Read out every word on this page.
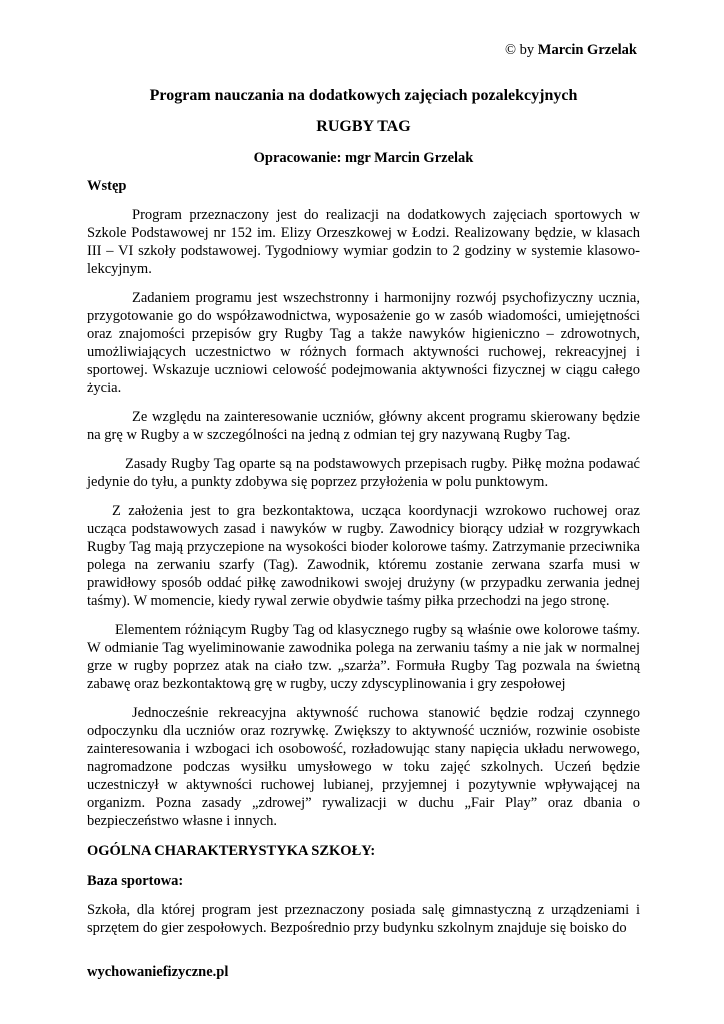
© by Marcin Grzelak
Program nauczania na dodatkowych zajęciach pozalekcyjnych
RUGBY TAG
Opracowanie: mgr Marcin Grzelak
Wstęp

Program przeznaczony jest do realizacji na dodatkowych zajęciach sportowych w Szkole Podstawowej nr 152 im. Elizy Orzeszkowej w Łodzi. Realizowany będzie, w klasach III – VI szkoły podstawowej. Tygodniowy wymiar godzin to 2 godziny w systemie klasowo-lekcyjnym.

Zadaniem programu jest wszechstronny i harmonijny rozwój psychofizyczny ucznia, przygotowanie go do współzawodnictwa, wyposażenie go w zasób wiadomości, umiejętności oraz znajomości przepisów gry Rugby Tag a także nawyków higieniczno – zdrowotnych, umożliwiających uczestnictwo w różnych formach aktywności ruchowej, rekreacyjnej i sportowej. Wskazuje uczniowi celowość podejmowania aktywności fizycznej w ciągu całego życia.

Ze względu na zainteresowanie uczniów, główny akcent programu skierowany będzie na grę w Rugby a w szczególności na jedną z odmian tej gry nazywaną Rugby Tag.

Zasady Rugby Tag oparte są na podstawowych przepisach rugby. Piłkę można podawać jedynie do tyłu, a punkty zdobywa się poprzez przyłożenia w polu punktowym.

Z założenia jest to gra bezkontaktowa, ucząca koordynacji wzrokowo ruchowej oraz ucząca podstawowych zasad i nawyków w rugby. Zawodnicy biorący udział w rozgrywkach Rugby Tag mają przyczepione na wysokości bioder kolorowe taśmy. Zatrzymanie przeciwnika polega na zerwaniu szarfy (Tag). Zawodnik, któremu zostanie zerwana szarfa musi w prawidłowy sposób oddać piłkę zawodnikowi swojej drużyny (w przypadku zerwania jednej taśmy). W momencie, kiedy rywal zerwie obydwie taśmy piłka przechodzi na jego stronę.

Elementem różniącym Rugby Tag od klasycznego rugby są właśnie owe kolorowe taśmy. W odmianie Tag wyeliminowanie zawodnika polega na zerwaniu taśmy a nie jak w normalnej grze w rugby poprzez atak na ciało tzw. „szarża”. Formuła Rugby Tag pozwala na świetną zabawę oraz bezkontaktową grę w rugby, uczy zdyscyplinowania i gry zespołowej

Jednocześnie rekreacyjna aktywność ruchowa stanowić będzie rodzaj czynnego odpoczynku dla uczniów oraz rozrywkę. Zwiększy to aktywność uczniów, rozwinie osobiste zainteresowania i wzbogaci ich osobowość, rozładowując stany napięcia układu nerwowego, nagromadzone podczas wysiłku umysłowego w toku zajęć szkolnych. Uczeń będzie uczestniczył w aktywności ruchowej lubianej, przyjemnej i pozytywnie wpływającej na organizm. Pozna zasady „zdrowej” rywalizacji w duchu „Fair Play” oraz dbania o bezpieczeństwo własne i innych.

OGÓLNA CHARAKTERYSTYKA SZKOŁY:
Baza sportowa:

Szkoła, dla której program jest przeznaczony posiada salę gimnastyczną z urządzeniami i sprzętem do gier zespołowych. Bezpośrednio przy budynku szkolnym znajduje się boisko do

wychowaniefizyczne.pl
